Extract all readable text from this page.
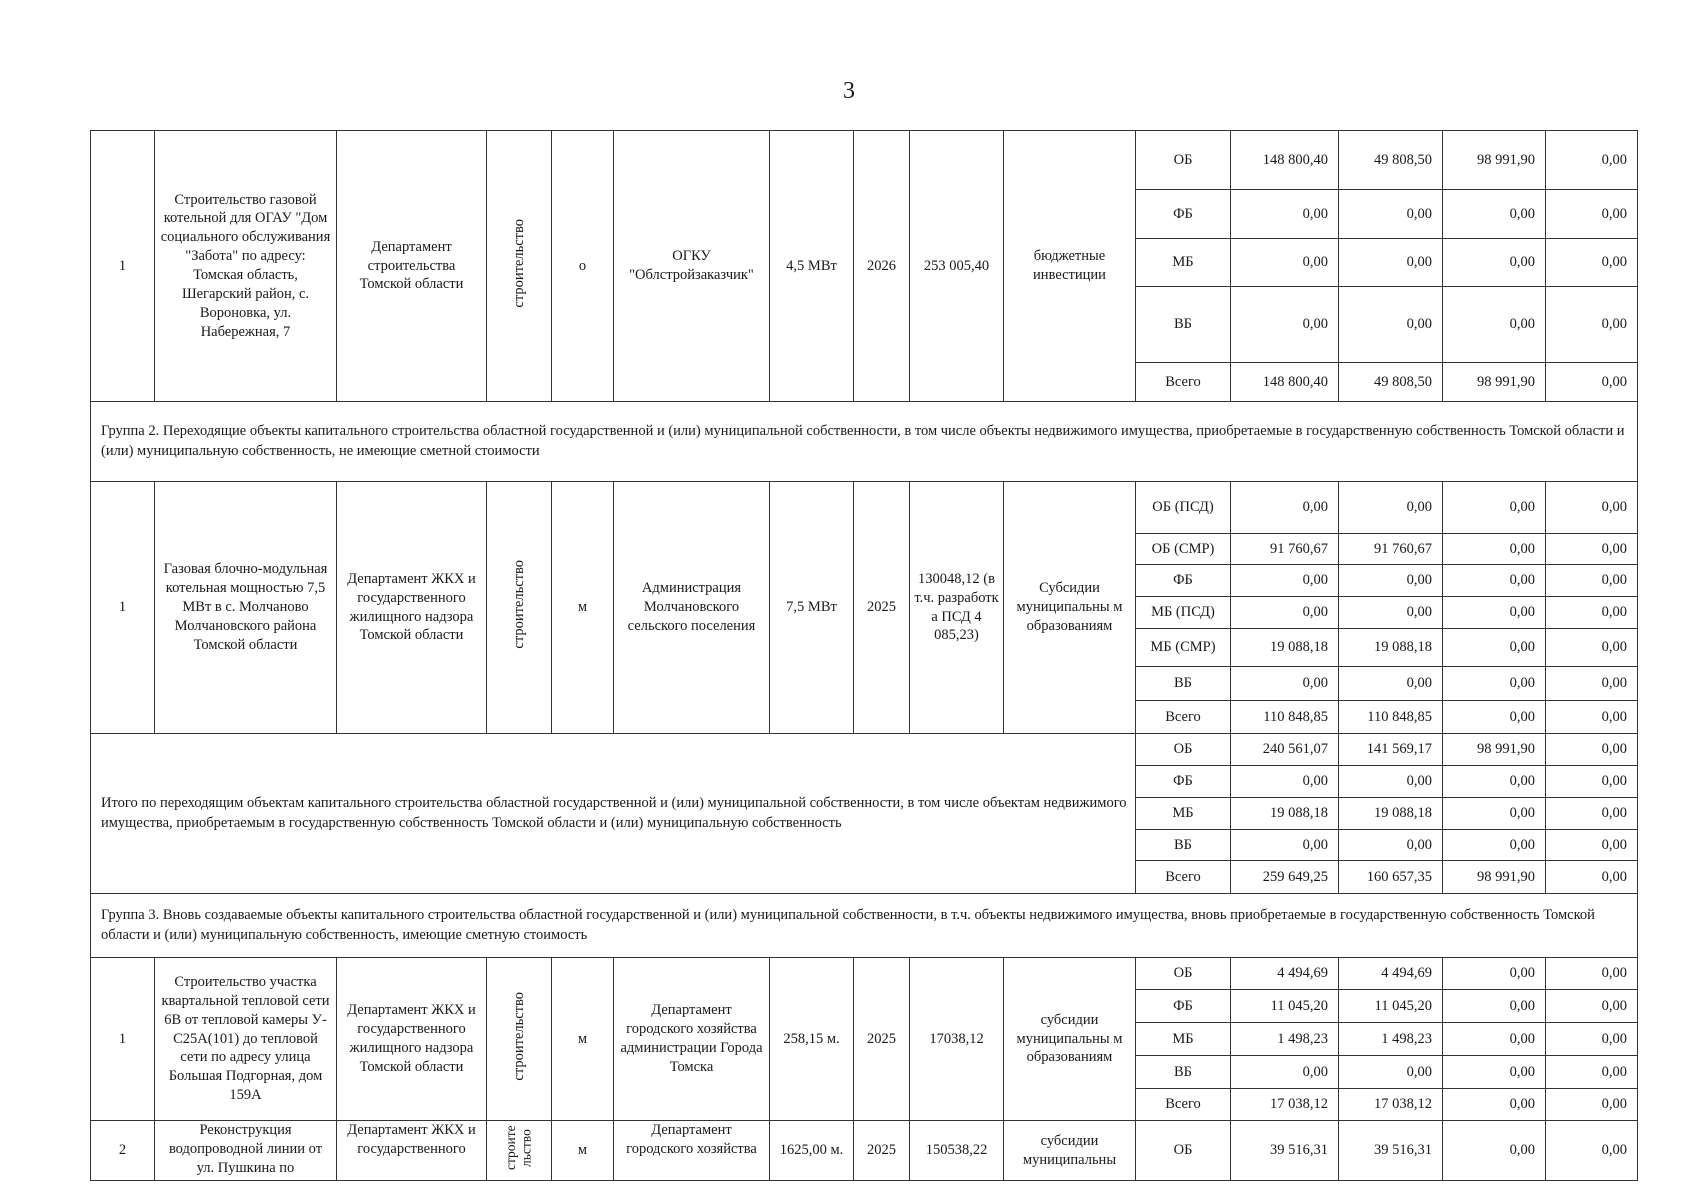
3
1	Строительство газовой котельной для ОГАУ "Дом социального обслуживания "Забота" по адресу: Томская область, Шегарский район, с. Вороновка, ул. Набережная, 7	Департамент строительства Томской области	строительство	о	ОГКУ "Облстройзаказчик"	4,5 МВт	2026	253 005,40	бюджетные инвестиции	ОБ	148 800,40	49 808,50	98 991,90	0,00
										ФБ	0,00	0,00	0,00	0,00
										МБ	0,00	0,00	0,00	0,00
										ВБ	0,00	0,00	0,00	0,00
										Всего	148 800,40	49 808,50	98 991,90	0,00
Группа 2. Переходящие объекты капитального строительства областной государственной и (или) муниципальной собственности, в том числе объекты недвижимого имущества, приобретаемые в государственную собственность Томской области и (или) муниципальную собственность, не имеющие сметной стоимости														
1	Газовая блочно-модульная котельная мощностью 7,5 МВт в с. Молчаново Молчановского района Томской области	Департамент ЖКХ и государственного жилищного надзора Томской области	строительство	м	Администрация Молчановского сельского поселения	7,5 МВт	2025	130048,12 (в т.ч. разработк а ПСД 4 085,23)	Субсидии муниципальны м образованиям	ОБ (ПСД)	0,00	0,00	0,00	0,00
										ОБ (СМР)	91 760,67	91 760,67	0,00	0,00
										ФБ	0,00	0,00	0,00	0,00
										МБ (ПСД)	0,00	0,00	0,00	0,00
										МБ (СМР)	19 088,18	19 088,18	0,00	0,00
										ВБ	0,00	0,00	0,00	0,00
										Всего	110 848,85	110 848,85	0,00	0,00
Итого по переходящим объектам капитального строительства областной государственной и (или) муниципальной собственности, в том числе объектам недвижимого имущества, приобретаемым в государственную собственность Томской области и (или) муниципальную собственность										ОБ	240 561,07	141 569,17	98 991,90	0,00
										ФБ	0,00	0,00	0,00	0,00
										МБ	19 088,18	19 088,18	0,00	0,00
										ВБ	0,00	0,00	0,00	0,00
										Всего	259 649,25	160 657,35	98 991,90	0,00
Группа 3. Вновь создаваемые объекты капитального строительства областной государственной и (или) муниципальной собственности, в т.ч. объекты недвижимого имущества, вновь приобретаемые в государственную собственность Томской области и (или) муниципальную собственность, имеющие сметную стоимость														
1	Строительство участка квартальной тепловой сети 6В от тепловой камеры У-С25А(101) до тепловой сети по адресу улица Большая Подгорная, дом 159А	Департамент ЖКХ и государственного жилищного надзора Томской области	строительство	м	Департамент городского хозяйства администрации Города Томска	258,15 м.	2025	17038,12	субсидии муниципальны м образованиям	ОБ	4 494,69	4 494,69	0,00	0,00
										ФБ	11 045,20	11 045,20	0,00	0,00
										МБ	1 498,23	1 498,23	0,00	0,00
										ВБ	0,00	0,00	0,00	0,00
										Всего	17 038,12	17 038,12	0,00	0,00
2	Реконструкция водопроводной линии от ул. Пушкина по	Департамент ЖКХ и государственного	строите льство	м	Департамент городского хозяйства	1625,00 м.	2025	150538,22	субсидии муниципальны	ОБ	39 516,31	39 516,31	0,00	0,00
